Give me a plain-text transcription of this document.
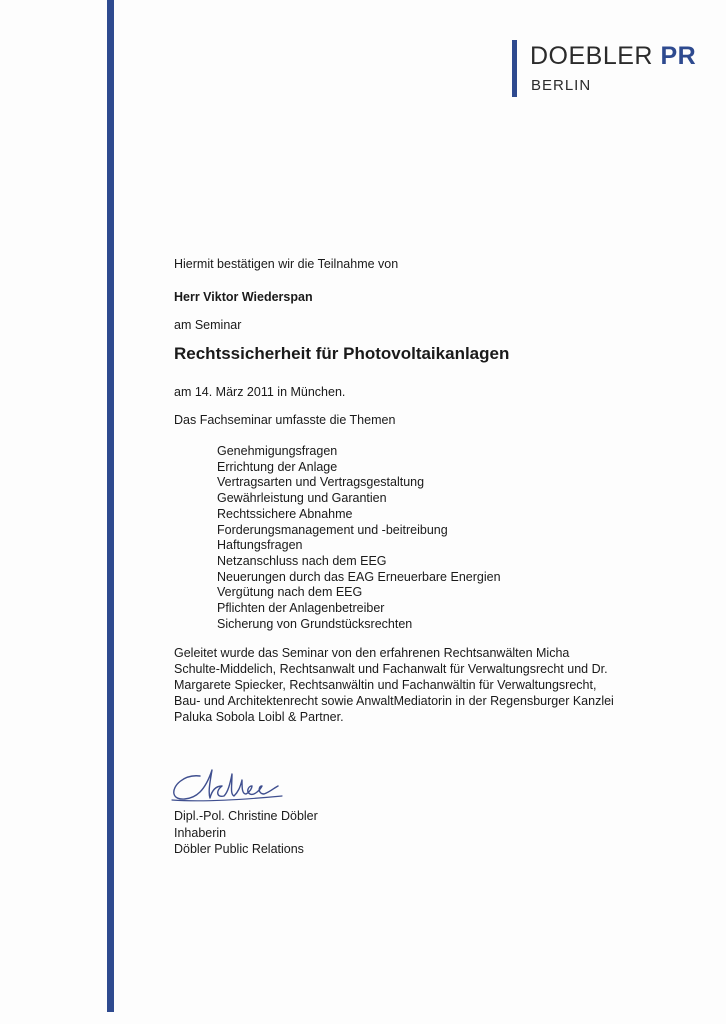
DOEBLER PR
BERLIN
Hiermit bestätigen wir die Teilnahme von
Herr Viktor Wiederspan
am Seminar
Rechtssicherheit für Photovoltaikanlagen
am 14. März 2011 in München.
Das Fachseminar umfasste die Themen
Genehmigungsfragen
Errichtung der Anlage
Vertragsarten und Vertragsgestaltung
Gewährleistung und Garantien
Rechtssichere Abnahme
Forderungsmanagement und -beitreibung
Haftungsfragen
Netzanschluss nach dem EEG
Neuerungen durch das EAG Erneuerbare Energien
Vergütung nach dem EEG
Pflichten der Anlagenbetreiber
Sicherung von Grundstücksrechten

Geleitet wurde das Seminar von den erfahrenen Rechtsanwälten Micha
Schulte-Middelich, Rechtsanwalt und Fachanwalt für Verwaltungsrecht und Dr.
Margarete Spiecker, Rechtsanwältin und Fachanwältin für Verwaltungsrecht,
Bau- und Architektenrecht sowie AnwaltMediatorin in der Regensburger Kanzlei
Paluka Sobola Loibl & Partner.

Dipl.-Pol. Christine Döbler
Inhaberin
Döbler Public Relations
